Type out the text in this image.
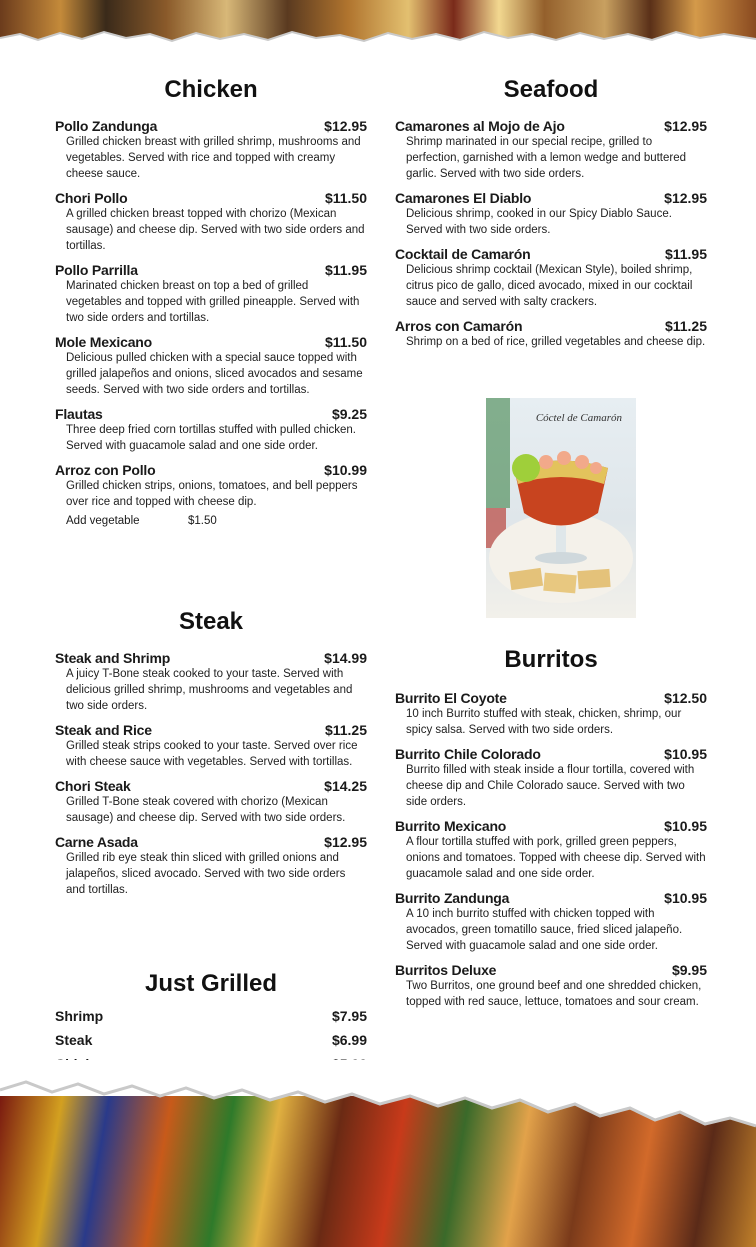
Chicken
Pollo Zandunga	$12.95
Grilled chicken breast with grilled shrimp, mushrooms and vegetables. Served with rice and topped with creamy cheese sauce.
Chori Pollo	$11.50
A grilled chicken breast topped with chorizo (Mexican sausage) and cheese dip. Served with two side orders and tortillas.
Pollo Parrilla	$11.95
Marinated chicken breast on top a bed of grilled vegetables and topped with grilled pineapple. Served with two side orders and tortillas.
Mole Mexicano	$11.50
Delicious pulled chicken with a special sauce topped with grilled jalapeños and onions, sliced avocados and sesame seeds. Served with two side orders and tortillas.
Flautas	$9.25
Three deep fried corn tortillas stuffed with pulled chicken. Served with guacamole salad and one side order.
Arroz con Pollo	$10.99
Grilled chicken strips, onions, tomatoes, and bell peppers over rice and topped with cheese dip.
Add vegetable	$1.50
Steak
Steak and Shrimp	$14.99
A juicy T-Bone steak cooked to your taste. Served with delicious grilled shrimp, mushrooms and vegetables and two side orders.
Steak and Rice	$11.25
Grilled steak strips cooked to your taste. Served over rice with cheese sauce with vegetables. Served with tortillas.
Chori Steak	$14.25
Grilled T-Bone steak covered with chorizo (Mexican sausage) and cheese dip. Served with two side orders.
Carne Asada	$12.95
Grilled rib eye steak thin sliced with grilled onions and jalapeños, sliced avocado. Served with two side orders and tortillas.
Just Grilled
Shrimp	$7.95
Steak	$6.99
Seafood
Camarones al Mojo de Ajo	$12.95
Shrimp marinated in our special recipe, grilled to perfection, garnished with a lemon wedge and buttered garlic. Served with two side orders.
Camarones El Diablo	$12.95
Delicious shrimp, cooked in our Spicy Diablo Sauce. Served with two side orders.
Cocktail de Camarón	$11.95
Delicious shrimp cocktail (Mexican Style), boiled shrimp, citrus pico de gallo, diced avocado, mixed in our cocktail sauce and served with salty crackers.
Arros con Camarón	$11.25
Shrimp on a bed of rice, grilled vegetables and cheese dip.
Cóctel de Camarón
Burritos
Burrito El Coyote	$12.50
10 inch Burrito stuffed with steak, chicken, shrimp, our spicy salsa. Served with two side orders.
Burrito Chile Colorado	$10.95
Burrito filled with steak inside a flour tortilla, covered with cheese dip and Chile Colorado sauce. Served with two side orders.
Burrito Mexicano	$10.95
A flour tortilla stuffed with pork, grilled green peppers, onions and tomatoes. Topped with cheese dip. Served with guacamole salad and one side order.
Burrito Zandunga	$10.95
A 10 inch burrito stuffed with chicken topped with avocados, green tomatillo sauce, fried sliced jalapeño. Served with guacamole salad and one side order.
Burritos Deluxe	$9.95
Two Burritos, one ground beef and one shredded chicken, topped with red sauce, lettuce, tomatoes and sour cream.
